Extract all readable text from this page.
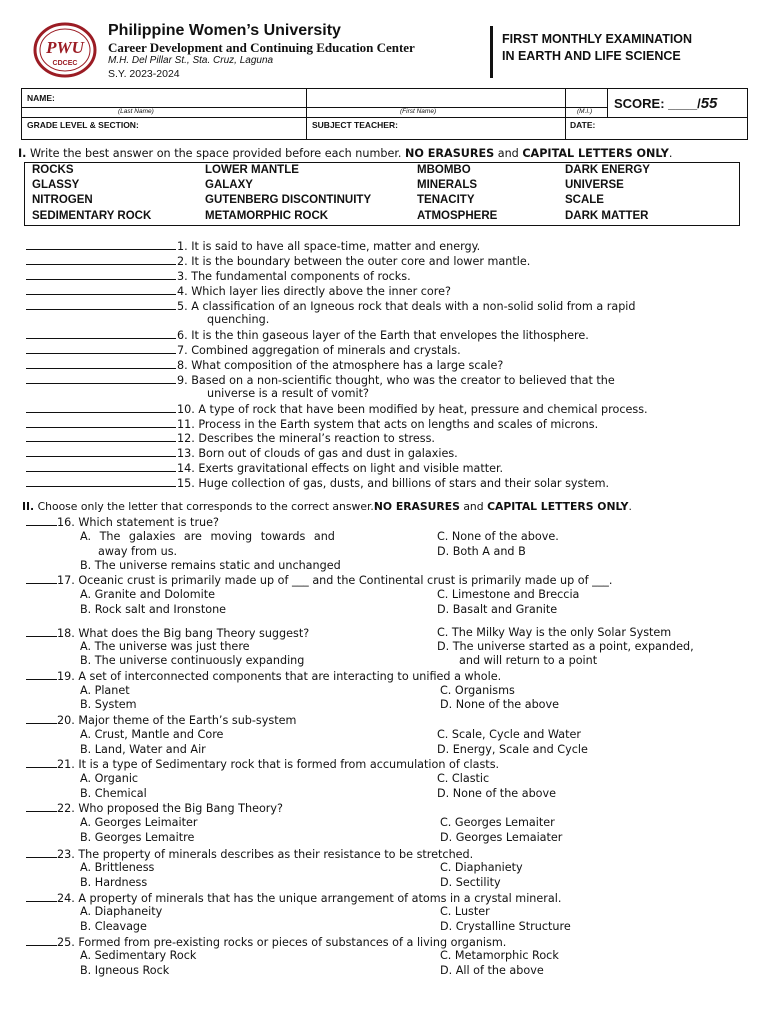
PWU
CDCEC
Philippine Women’s University
Career Development and Continuing Education Center
M.H. Del Pillar St., Sta. Cruz, Laguna
S.Y. 2023-2024
FIRST MONTHLY EXAMINATION
IN EARTH AND LIFE SCIENCE
NAME:
(Last Name)	(First Name)	(M.I.)
SCORE: ____/55
GRADE LEVEL & SECTION:	SUBJECT TEACHER:	DATE:
I. Write the best answer on the space provided before each number. NO ERASURES and CAPITAL LETTERS ONLY.
ROCKS	LOWER MANTLE	MBOMBO	DARK ENERGY
GLASSY	GALAXY	MINERALS	UNIVERSE
NITROGEN	GUTENBERG DISCONTINUITY	TENACITY	SCALE
SEDIMENTARY ROCK	METAMORPHIC ROCK	ATMOSPHERE	DARK MATTER
1. It is said to have all space-time, matter and energy.
2. It is the boundary between the outer core and lower mantle.
3. The fundamental components of rocks.
4. Which layer lies directly above the inner core?
5. A classification of an Igneous rock that deals with a non-solid solid from a rapid
quenching.
6. It is the thin gaseous layer of the Earth that envelopes the lithosphere.
7. Combined aggregation of minerals and crystals.
8. What composition of the atmosphere has a large scale?
9. Based on a non-scientific thought, who was the creator to believed that the
universe is a result of vomit?
10. A type of rock that have been modified by heat, pressure and chemical process.
11. Process in the Earth system that acts on lengths and scales of microns.
12. Describes the mineral’s reaction to stress.
13. Born out of clouds of gas and dust in galaxies.
14. Exerts gravitational effects on light and visible matter.
15. Huge collection of gas, dusts, and billions of stars and their solar system.
II. Choose only the letter that corresponds to the correct answer.NO ERASURES and CAPITAL LETTERS ONLY.
16. Which statement is true?
A. The galaxies are moving towards and	C. None of the above.
away from us.	D. Both A and B
B. The universe remains static and unchanged
17. Oceanic crust is primarily made up of ___ and the Continental crust is primarily made up of ___.
A. Granite and Dolomite	C. Limestone and Breccia
B. Rock salt and Ironstone	D. Basalt and Granite
18. What does the Big bang Theory suggest?	C. The Milky Way is the only Solar System
A. The universe was just there	D. The universe started as a point, expanded,
B. The universe continuously expanding	and will return to a point
19. A set of interconnected components that are interacting to unified a whole.
A. Planet	C. Organisms
B. System	D. None of the above
20. Major theme of the Earth’s sub-system
A. Crust, Mantle and Core	C. Scale, Cycle and Water
B. Land, Water and Air	D. Energy, Scale and Cycle
21. It is a type of Sedimentary rock that is formed from accumulation of clasts.
A. Organic	C. Clastic
B. Chemical	D. None of the above
22. Who proposed the Big Bang Theory?
A. Georges Leimaiter	C. Georges Lemaiter
B. Georges Lemaitre	D. Georges Lemaiater
23. The property of minerals describes as their resistance to be stretched.
A. Brittleness	C. Diaphaniety
B. Hardness	D. Sectility
24. A property of minerals that has the unique arrangement of atoms in a crystal mineral.
A. Diaphaneity	C. Luster
B. Cleavage	D. Crystalline Structure
25. Formed from pre-existing rocks or pieces of substances of a living organism.
A. Sedimentary Rock	C. Metamorphic Rock
B. Igneous Rock	D. All of the above
